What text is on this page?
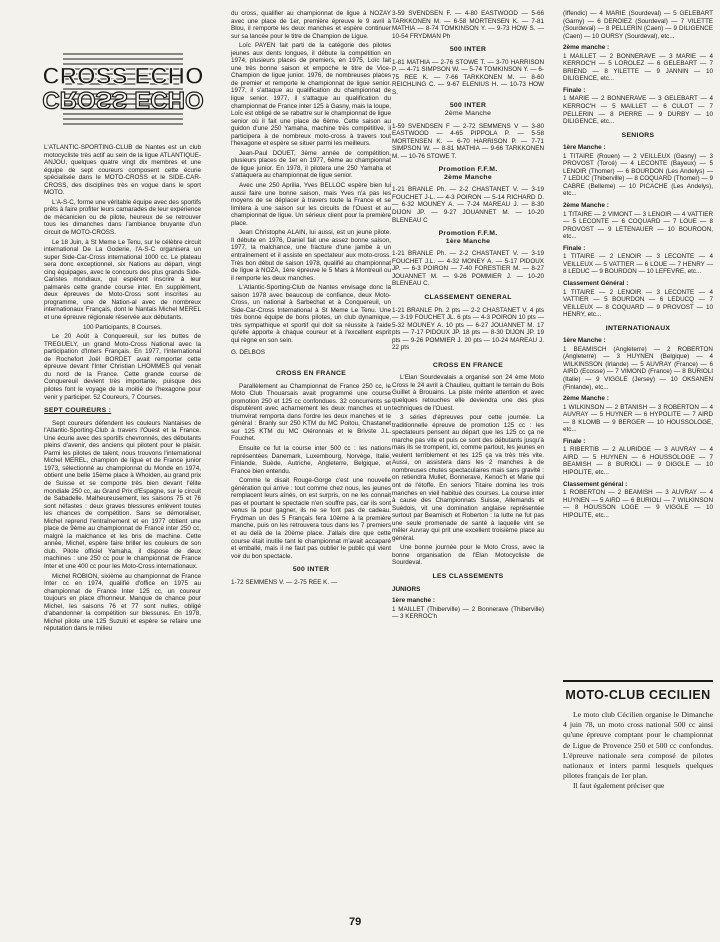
CROSS ECHO
CROSS ECHO

L'ATLANTIC-SPORTING-CLUB de Nantes est un club motocycliste très actif au sein de la ligue ATLANTIQUE-ANJOU, quelques quatre vingt dix membres et une équipe de sept coureurs composent cette écurie spécialisée dans le MOTO-CROSS et le SIDE-CAR-CROSS, des disciplines très en vogue dans le sport MOTO.

L'A-S-C, forme une véritable équipe avec des sportifs prêts à faire profiter leurs camarades de leur expérience de mécanicien ou de pilote, heureux de se retrouver tous les dimanches dans l'ambiance bruyante d'un circuit de MOTO-CROSS.

Le 18 Juin, à St Meme Le Tenu, sur le célèbre circuit international De La Goderie, l'A-S-C organisera un super Side-Car-Cross international 1000 cc. Le plateau sera donc exceptionnel, six Nations au départ, vingt cinq équipages, avec le concours des plus grands Side-Caristes mondiaux, qui espèrent inscrire à leur palmarès cette grande course inter. En supplément, deux épreuves de Moto-Cross sont inscrites au programme, une de Nation-al avec de nombreux internationaux Français, dont le Nantais Michel MEREL et une épreuve régionale réservée aux débutants.

100 Participants, 8 Courses.

Le 20 Août à Conquereuil, sur les buttes de TREGUELY, un grand Moto-Cross National avec la participation d'Inters Français. En 1977, l'international de Rochefort Joël BORDET avait remporter cette épreuve devant l'Inter Christian LHOMMES qui venait du nord de la France. Cette grande course de Conquereuil devient très importante, puisque des pilotes font le voyage de la moitié de l'hexagone pour venir y participer. 52 Coureurs, 7 Courses.

SEPT COUREURS :

Sept coureurs défendent les couleurs Nantaises de l'Atlantic-Sporting-Club à travers l'Ouest et la France. Une écurie avec des sportifs chevronnés, des débutants pleins d'avenir, des anciens qui pilotent pour le plaisir. Parmi les pilotes de talent, nous trouvons l'international Michel MEREL, champion de ligue et de France junior 1973, sélectionné au championnat du Monde en 1974, obtient une belle 15ème place à Wholden, au grand prix de Suisse et se comporte très bien devant l'élite mondiale 250 cc, au Grand Prix d'Espagne, sur le circuit de Sabadelle. Malheureusement, les saisons 75 et 76 sont néfastes : deux graves blessures enlèvent toutes les chances de compétition. Sans se démoraliser, Michel reprend l'entraînement et en 1977 obtient une place de 9ème au championnat de France inter 250 cc, malgré la malchance et les bris de machine. Cette année, Michel, espère faire briller les couleurs de son club. Pilote officiel Yamaha, il dispose de deux machines : une 250 cc pour le championnat de France Inter et une 400 cc pour les Moto-Cross internationaux.

Michel ROBION, sixième au championnat de France Inter cc en 1974, qualifié d'office en 1975 au championnat de France Inter 125 cc, un coureur toujours en place d'honneur. Manque de chance pour Michel, les saisons 76 et 77 sont nulles, obligé d'abandonner la compétition sur blessures. En 1978, Michel pilote une 125 Suzuki et espère se refaire une réputation dans le milieu

du cross, qualifier au championnat de ligue à NOZAY avec une place de 1er, première épreuve le 9 avril à Blou, il remporte les deux manches et espère continuer sur sa lancée pour le titre de Champion de Ligue.

Loïc PAYEN fait parti de la catégorie des pilotes jeunes aux dents longues, il débute la compétition en 1974, plusieurs places de premiers, en 1975, Loïc fait une très bonne saison et empoche le titre de Vice-Champion de ligue junior. 1976, de nombreuses places de premier et remporte le championnat de ligue senior. 1977, il s'attaque au qualification du championnat de ligue senior. 1977, il s'attaque au qualification du championnat de France inter 125 à Gasny, mais la loupe, Loïc est obligé de se rabattre sur le championnat de ligue senior où il fait une place de 6ème. Cette saison au guidon d'une 250 Yamaha, machine très compétitive, il participera à de nombreux moto-cross à travers tout l'hexagone et espère se situer parmi les meilleurs.

Jean-Paul DOUET, 3ème année de compétition, plusieurs places de 1er en 1977, 6ème au championnat de ligue junior. En 1978, il pilotera une 250 Yamaha et s'attaquera au championnat de ligue senior.

Avec une 250 Aprilia, Yves BELLOC espère bien lui aussi faire une bonne saison, mais Yves n'a pas les moyens de se déplacer à travers toute la France et se limitera à une saison sur les circuits de l'Ouest et au championnat de ligue. Un sérieux client pour la première place.

Jean Christophe ALAIN, lui aussi, est un jeune pilote. Il débute en 1976, Daniel fait une assez bonne saison, 1977, la malchance, une fracture d'une jambe à un entraînement et il assiste en spectateur aux moto-cross. Très bon début de saison 1978, qualifié au championnat de ligue à NOZA, 1ère épreuve le 5 Mars à Montreuil ou il remporte les deux manches.

L'Atlantic-Sporting-Club de Nantes envisage donc la saison 1978 avec beaucoup de confiance, deux Moto-Cross, un national à Sarbechat et à Conquereuil, un Side-Car-Cross International à St Meme Le Tenu. Une très bonne équipe de bons pilotes, un club dynamique, très sympathique et sportif qui doit sa réussite à l'aide qu'elle apporte à chaque coureur et à l'excellent esprit qui règne en son sein.

G. DELBOS

CROSS EN FRANCE

Parallèlement au Championnat de France 250 cc, le Moto Club Thouarsais avait programmé une course promotion 250 et 125 cc confondues. 32 concurrents se disputèrent avec acharnement les deux manches et un triumvirat remporta dans l'ordre les deux manches et le général : Branly sur 250 KTM du MC Poitou, Chastanet sur 125 KTM du MC Oléronnais et le Brivste J.L. Fouchet.

Ensuite ce fut la course inter 500 cc : les nations représentées Danemark, Luxembourg, Norvège, Italie, Finlande, Suède, Autriche, Angleterre, Belgique, et France bien entendu.

Comme le disait Rouge-Gorge c'est une nouvelle génération qui arrive : tout comme chez nous, les jeunes remplacent leurs aînés, on est surpris, on ne les connait pas et pourtant le spectacle n'en souffre pas, car ils sont venus là pour gagner, ils ne se font pas de cadeau. Frydman un des 5 Français fera 10ème à la première manche, puis on les retrouvera tous dans les 7 premiers et au delà de la 20ème place. J'allais dire que cette course était inutile tant le championnat m'avait accaparé et emballé, mais il ne faut pas oublier le public qui vient voir du bon spectacle.

500 INTER

1-72 SEMMENS V. — 2-75 REE K. —

3-59 SVENDSEN F. — 4-80 EASTWOOD — 5-66 TARKKONEN M. — 6-58 MORTENSEN K. — 7-81 MATHIA — 8-74 TOMKINSON Y. — 9-73 HOW S. — 10-54 FRYDMAN Ph

500 INTER

1-81 MATHIA — 2-76 STOWE T. — 3-70 HARRISON P. — 4-71 SIMPSON W. — 5-74 TOMKINSON Y. — 6-75 REE K. — 7-66 TARKKONEN M. — 8-60 REICHLING C. — 9-67 ELENIUS H. — 10-73 HOW S.

500 INTER
2ème Manche

1-59 SVENDSEN F — 2-72 SEMMENS V — 3-80 EASTWOOD — 4-65 PIPPOLA P. — 5-58 MORTENSEN K. — 6-70 HARRISON P. — 7-71 SIMPSON W. — 8-81 MATHIA — 9-66 TARKKONEN M. — 10-76 STOWE T.

Promotion F.F.M.
2ème Manche

1-21 BRANLE Ph. — 2-2 CHASTANET V. — 3-19 FOUCHET J-L. — 4-3 POIRON — 5-14 RICHARD D. — 6-32 MOUNEY A. — 7-24 MAREAU J. — 8-30 DIJON JP. — 9-27 JOUANNET M. — 10-20 BLENEAU C

Promotion F.F.M.
1ère Manche

1-21 BRANLE Ph. — 2-2 CHASTANET V. — 3-19 FOUCHET J.L. — 4-32 MONEY A. — 5-17 PIDOUX JP. — 6-3 POIRON — 7-40 FORESTIER M. — 8-27 JOUANNET M. — 9-26 POMMIER J. — 10-20 BLENEAU C.

CLASSEMENT GENERAL

1-21 BRANLE Ph. 2 pts — 2-2 CHASTANET V. 4 pts — 3-19 FOUCHET JL. 6 pts — 4-3 POIRON 10 pts — 5-32 MOUNEY A. 10 pts — 6-27 JOUANNET M. 17 pts — 7-17 PIDOUX JP. 18 pts — 8-30 DIJON JP. 19 pts — 9-26 POMMIER J. 20 pts — 10-24 MAREAU J. 22 pts

CROSS EN FRANCE

L'Elan Sourdevalais a organisé son 24 ème Moto Cross le 24 avril à Chaulieu, quittant le terrain du Bois Guillet à Brouains. La piste mérite attention et avec quelques retouches elle deviendra une des plus techniques de l'Ouest.

3 séries d'épreuves pour cette journée. La traditionnelle épreuve de promotion 125 cc : les spectateurs pensent au départ que les 125 cc ça ne marche pas vite et puis ce sont des débutants jusqu'à mais ils se trompent, ici, comme partout, les jeunes en veulent terriblement et les 125 ça va très très vite. Aussi, on assistera dans les 2 manches à de nombreuses chutes spectaculaires mais sans gravité : on retiendra Mullet, Bonnerave, Kenoc'h et Marie qui ont de l'étoffe. En seniors Titaire domina les trois manches en vieil habitué des courses. La course inter à cause des Championnats Suisse, Allemands et Suédois, vit une domination anglaise représentée surtout par Beamisch et Roberton : la lutte ne fut pas une seule promenade de santé à laquelle vint se mêler Auvray qui prit une excellent troisième place au général.

Une bonne journée pour le Moto Cross, avec la bonne organisation de l'Elan Motocycliste de Sourdeval.

LES CLASSEMENTS
JUNIORS
1ère manche :

1 MAILLET (Thiberville) — 2 Bonnerave (Thiberville) — 3 KERROC'h

(Iffendic) — 4 MARIE (Sourdeval) — 5 GELEBART (Garny) — 6 DEROIEZ (Sourdeval) — 7 VILETTE (Sourdeval) — 8 PELLERIN (Caen) — 9 DILIGENCE (Caen) — 10 OURSY (Sourdeval), etc...

2ème manche :

1 MAILLET — 2 BONNERAVE — 3 MARIE — 4 KERROC'H — 5 LOROLEZ — 6 GELEBART — 7 BRIEND — 8 YILETTE — 9 JANNIN — 10 DILIGENCE, etc...

Finale :

1 MARIE — 2 BONNERAVE — 3 GELEBART — 4 KERROC'H — 5 MAILLET — 6 CULOT — 7 PELLERIN — 8 PIERRE — 9 DURBY — 10 DILIGENCE, etc...

SENIORS
1ère Manche :

1 TITAIRE (Rouen) — 2 VEILLEUX (Gasny) — 3 PROVOST (Torcé) — 4 LECONTE (Bayeux) — 5 LENOIR (Thomer) — 6 BOURDON (Les Andelys) — 7 LEDUC (Thiberville) — 8 COQUARD (Thomer) — 9 CABRE (Belleme) — 10 PICACHE (Les Andelys), etc...

2ème Manche :

1 TITAIRE — 2 VIMONT — 3 LENOIR — 4 VATTIER — 5 LECONTE — 6 COQUARD — 7 LOUE — 8 PROVOST — 9 LETENAUER — 10 BOUROON, etc...

Finale :

1 TITAIRE — 2 LENOIR — 3 LECONTE — 4 VEILLEUX — 5 VATTIER — 6 LOUE — 7 HENRY — 8 LEDUC — 9 BOURDON — 10 LEFEVRE, etc...

Classement Général :

1 TITAIRE — 2 LENOIR — 3 LECONTE — 4 VATTIER — 5 BOURDON — 6 LEDUCQ — 7 VEILLEUX — 8 COQUARD — 9 PROVOST — 10 HENRY, etc...

INTERNATIONAUX
1ère Manche :

1 BEAMISCH (Angleterre) — 2 ROBERTON (Angleterre) — 3 HUYNEN (Belgique) — 4 WILKINSSON (Irlande) — 5 AUVRAY (France) — 6 AIRD (Ecosse) — 7 VIMOND (France) — 8 BURIOLI (Italie) — 9 VIGGLE (Jersey) — 10 OKSANEN (Finlande), etc...

2ème Manche :

1 WILKINSON — 2 BTANISH — 3 ROBERTON — 4 AUVRAY — 5 HUYNER — 6 HYPOLITE — 7 AIRD — 8 KLOMB — 9 BERGER — 10 HOUSSOLOGE, etc...

Finale :

1 RIBERTIB — 2 ALURIDGE — 3 AUVRAY — 4 AIRD — 5 HUYNEN — 6 HOUSSOLOGE — 7 BEAMISH — 8 BURIOLI — 9 DIGGLE — 10 HIPOLITE, etc...

Classement général :

1 ROBERTON — 2 BEAMISH — 3 AUVRAY — 4 HUYNEN — 5 AIRD — 6 BURIOLI — 7 WILKINSON — 8 HOUSSON LOGE — 9 VIGGLE — 10 HIPOLITE, etc...

MOTO-CLUB CECILIEN

Le moto club Cécilien organise le Dimanche 4 juin 78, un moto cross national 500 cc ainsi qu'une épreuve comptant pour le championnat de Ligue de Provence 250 et 500 cc confondus. L'épreuve nationale sera composé de pilotes nationaux et inters parmi lesquels quelques pilotes français de 1er plan.

Il faut également préciser que

79
